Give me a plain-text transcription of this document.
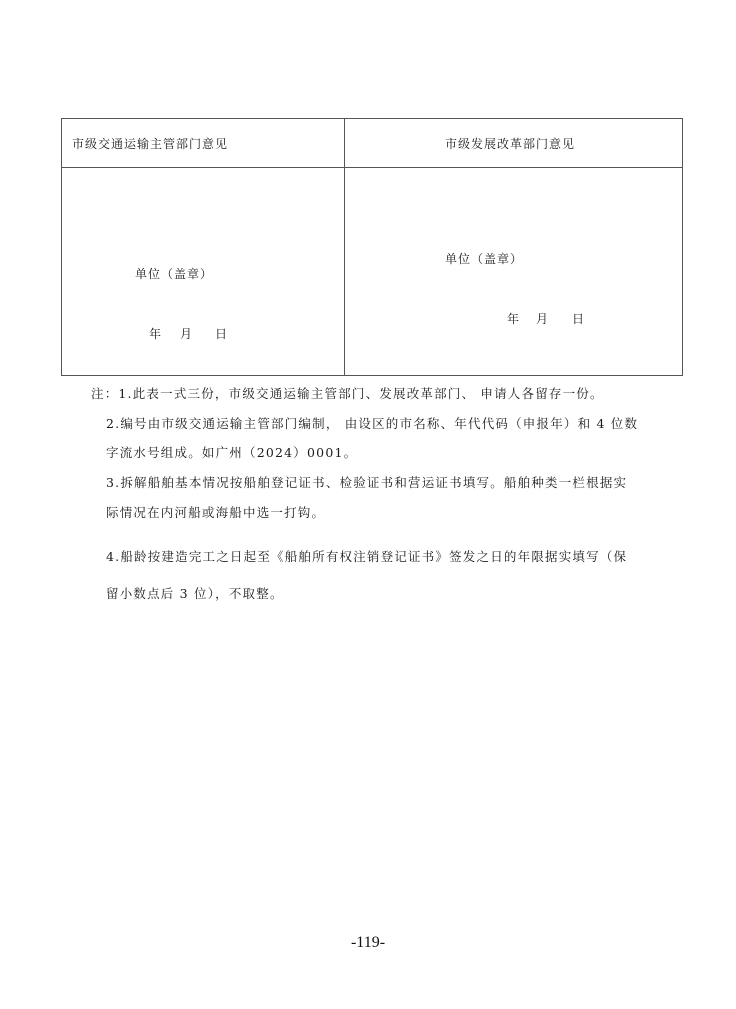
市级交通运输主管部门意见	市级发展改革部门意见
单位（盖章）
单位（盖章）
年 月 日
年 月 日
注：1.此表一式三份，市级交通运输主管部门、发展改革部门、 申请人各留存一份。
2.编号由市级交通运输主管部门编制， 由设区的市名称、年代代码（申报年）和 4 位数
字流水号组成。如广州（2024）0001。
3.拆解船舶基本情况按船舶登记证书、检验证书和营运证书填写。船舶种类一栏根据实
际情况在内河船或海船中选一打钩。
4.船龄按建造完工之日起至《船舶所有权注销登记证书》签发之日的年限据实填写（保
留小数点后 3 位），不取整。
-119-
